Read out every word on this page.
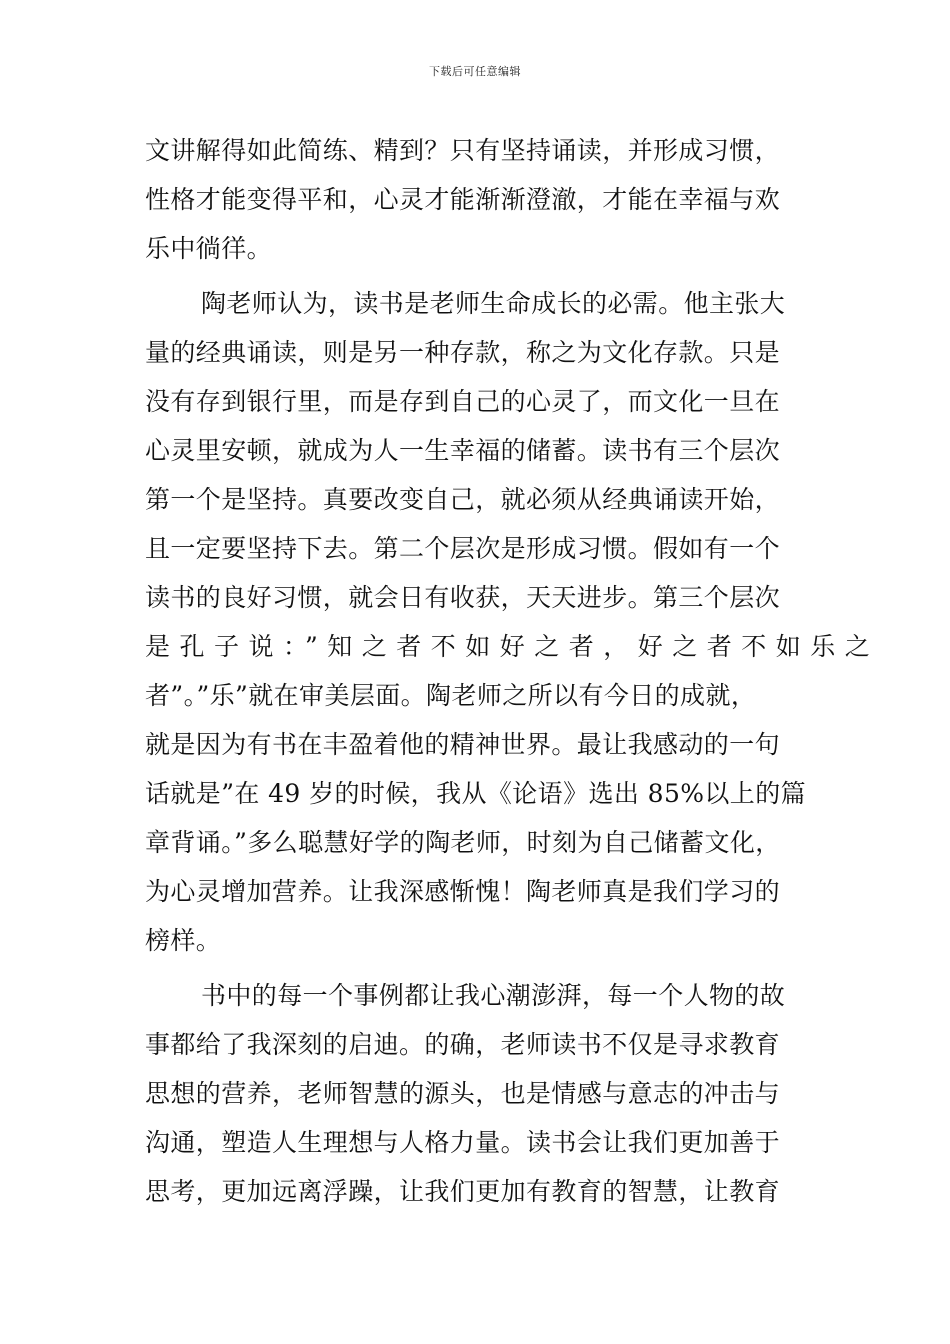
下载后可任意编辑
文讲解得如此简练、精到？只有坚持诵读，并形成习惯，
性格才能变得平和，心灵才能渐渐澄澈，才能在幸福与欢
乐中徜徉。
陶老师认为，读书是老师生命成长的必需。他主张大
量的经典诵读，则是另一种存款，称之为文化存款。只是
没有存到银行里，而是存到自己的心灵了，而文化一旦在
心灵里安顿，就成为人一生幸福的储蓄。读书有三个层次
第一个是坚持。真要改变自己，就必须从经典诵读开始，
且一定要坚持下去。第二个层次是形成习惯。假如有一个
读书的良好习惯，就会日有收获，天天进步。第三个层次
是孔子说：”知之者不如好之者，好之者不如乐之
者”。”乐”就在审美层面。陶老师之所以有今日的成就，
就是因为有书在丰盈着他的精神世界。最让我感动的一句
话就是”在 49 岁的时候，我从《论语》选出 85%以上的篇
章背诵。”多么聪慧好学的陶老师，时刻为自己储蓄文化，
为心灵增加营养。让我深感惭愧！陶老师真是我们学习的
榜样。
书中的每一个事例都让我心潮澎湃，每一个人物的故
事都给了我深刻的启迪。的确，老师读书不仅是寻求教育
思想的营养，老师智慧的源头，也是情感与意志的冲击与
沟通，塑造人生理想与人格力量。读书会让我们更加善于
思考，更加远离浮躁，让我们更加有教育的智慧，让教育
